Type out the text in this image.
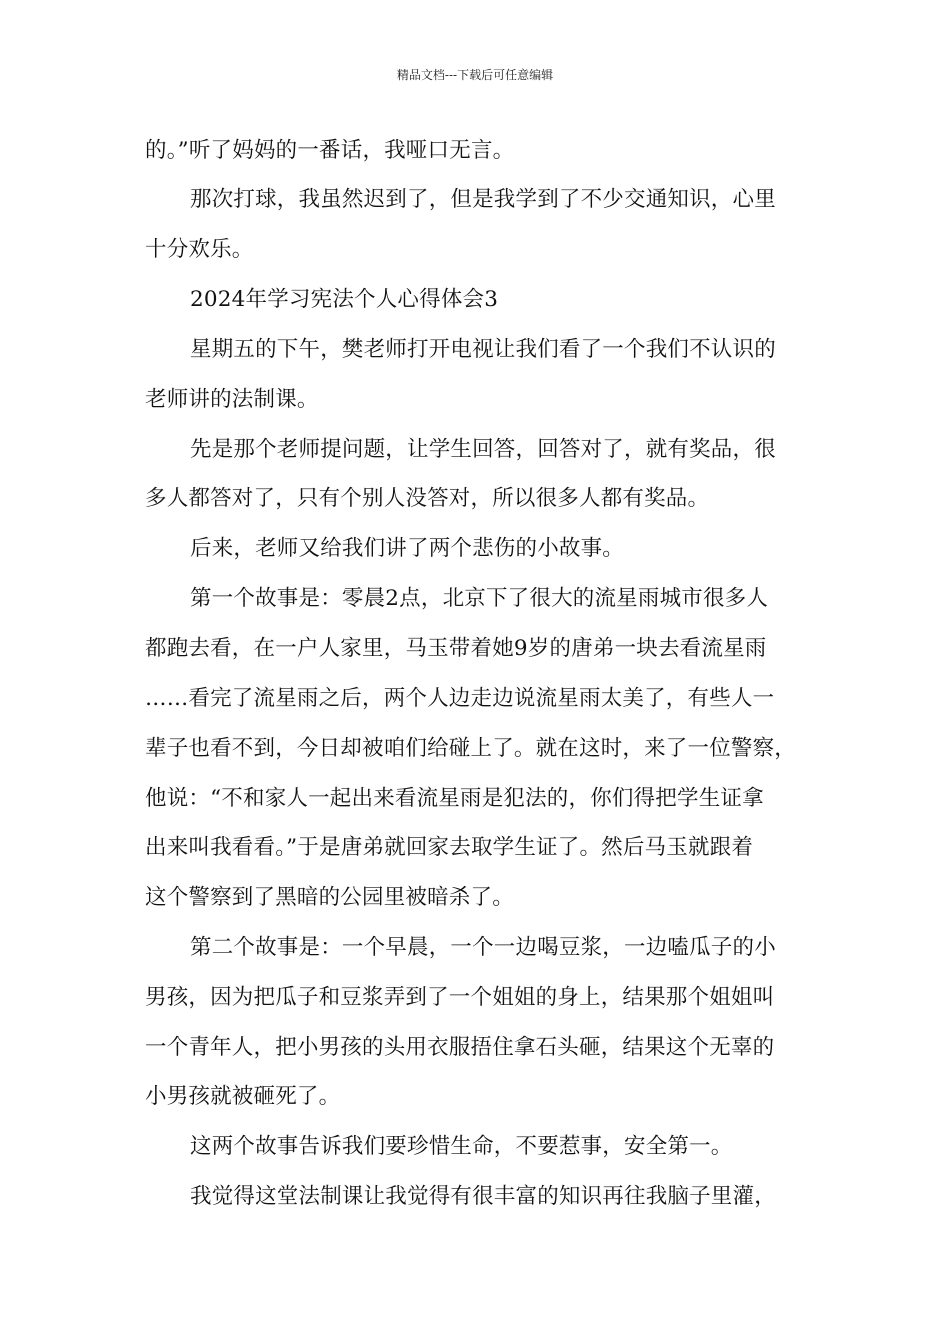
精品文档---下载后可任意编辑
的。”听了妈妈的一番话，我哑口无言。
那次打球，我虽然迟到了，但是我学到了不少交通知识，心里
十分欢乐。
2024年学习宪法个人心得体会3
星期五的下午，樊老师打开电视让我们看了一个我们不认识的
老师讲的法制课。
先是那个老师提问题，让学生回答，回答对了，就有奖品，很
多人都答对了，只有个别人没答对，所以很多人都有奖品。
后来，老师又给我们讲了两个悲伤的小故事。
第一个故事是：零晨2点，北京下了很大的流星雨城市很多人
都跑去看，在一户人家里，马玉带着她9岁的唐弟一块去看流星雨
……看完了流星雨之后，两个人边走边说流星雨太美了，有些人一
辈子也看不到，今日却被咱们给碰上了。就在这时，来了一位警察，
他说：“不和家人一起出来看流星雨是犯法的，你们得把学生证拿
出来叫我看看。”于是唐弟就回家去取学生证了。然后马玉就跟着
这个警察到了黑暗的公园里被暗杀了。
第二个故事是：一个早晨，一个一边喝豆浆，一边嗑瓜子的小
男孩，因为把瓜子和豆浆弄到了一个姐姐的身上，结果那个姐姐叫
一个青年人，把小男孩的头用衣服捂住拿石头砸，结果这个无辜的
小男孩就被砸死了。
这两个故事告诉我们要珍惜生命，不要惹事，安全第一。
我觉得这堂法制课让我觉得有很丰富的知识再往我脑子里灌，
